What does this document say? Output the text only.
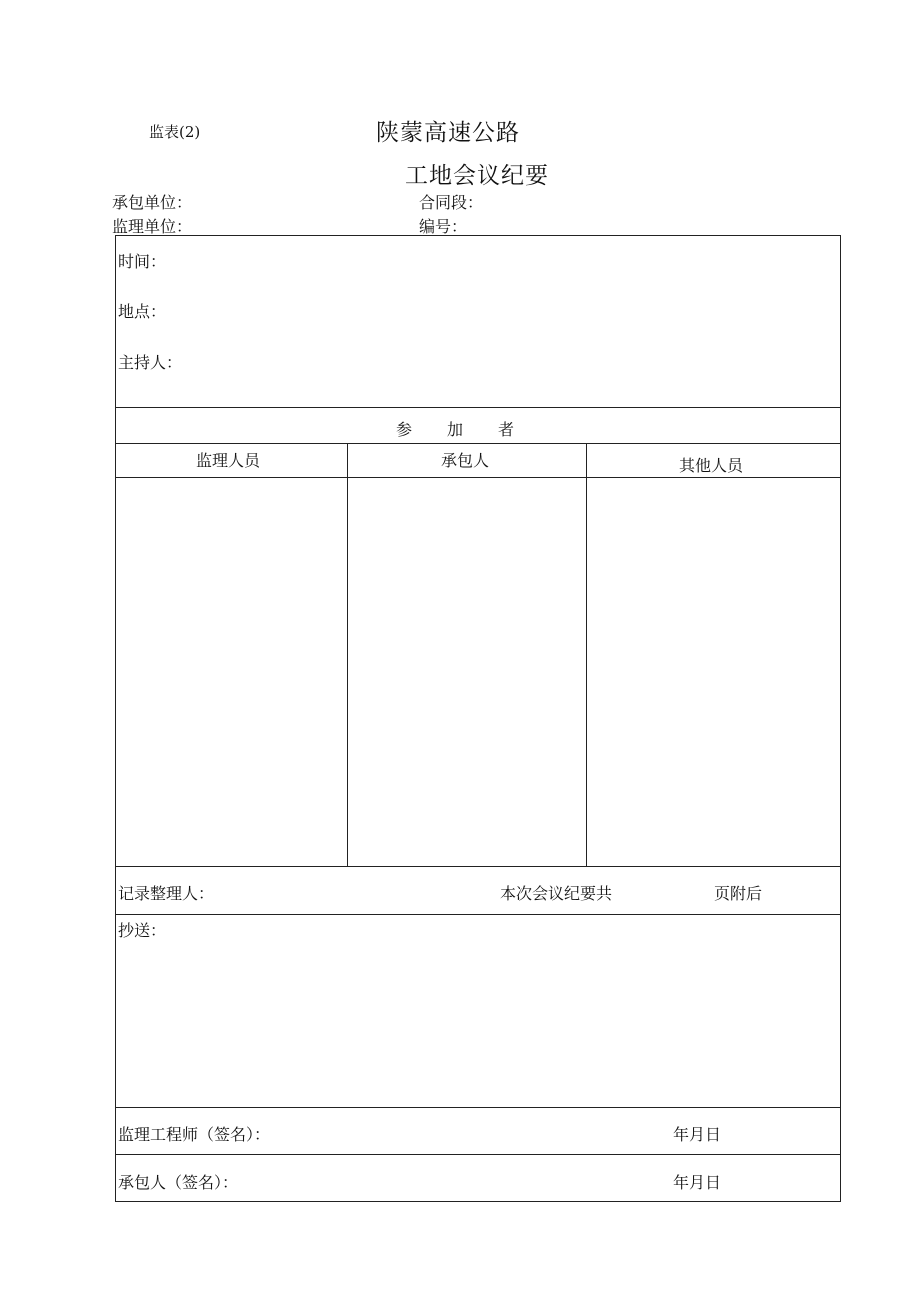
监表(2)	陕蒙高速公路
工地会议纪要
承包单位：	合同段：
监理单位：	编号：
时间：
地点：
主持人：
参　　加　　者
监理人员	承包人	其他人员
记录整理人：	本次会议纪要共	页附后
抄送：
监理工程师（签名）：	年月日
承包人（签名）：	年月日
